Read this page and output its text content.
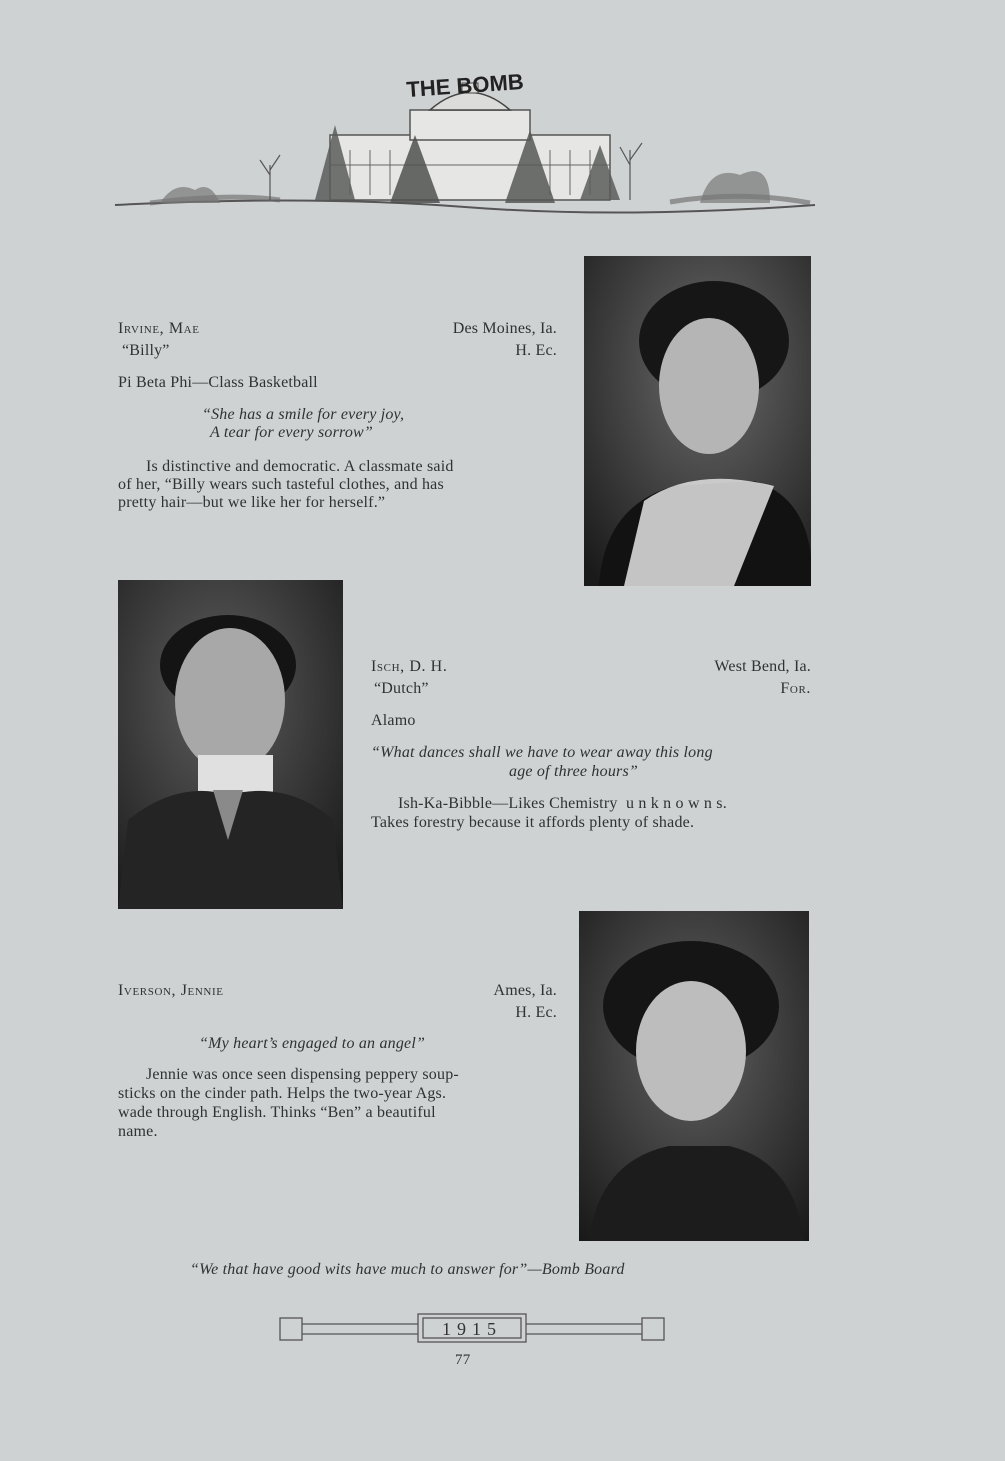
THE BOMB
Irvine, Mae	Des Moines, Ia.
“Billy”	H. Ec.
Pi Beta Phi—Class Basketball
“She has a smile for every joy,
A tear for every sorrow”
Is distinctive and democratic. A classmate said
of her, “Billy wears such tasteful clothes, and has
pretty hair—but we like her for herself.”
Isch, D. H.	West Bend, Ia.
“Dutch”	For.
Alamo
“What dances shall we have to wear away this long
age of three hours”
Ish-Ka-Bibble—Likes Chemistry  u n k n o w n s.
Takes forestry because it affords plenty of shade.
Iverson, Jennie	Ames, Ia.
H. Ec.
“My heart’s engaged to an angel”
Jennie was once seen dispensing peppery soup-
sticks on the cinder path. Helps the two-year Ags.
wade through English. Thinks “Ben” a beautiful
name.
“We that have good wits have much to answer for”—Bomb Board
1915
77
